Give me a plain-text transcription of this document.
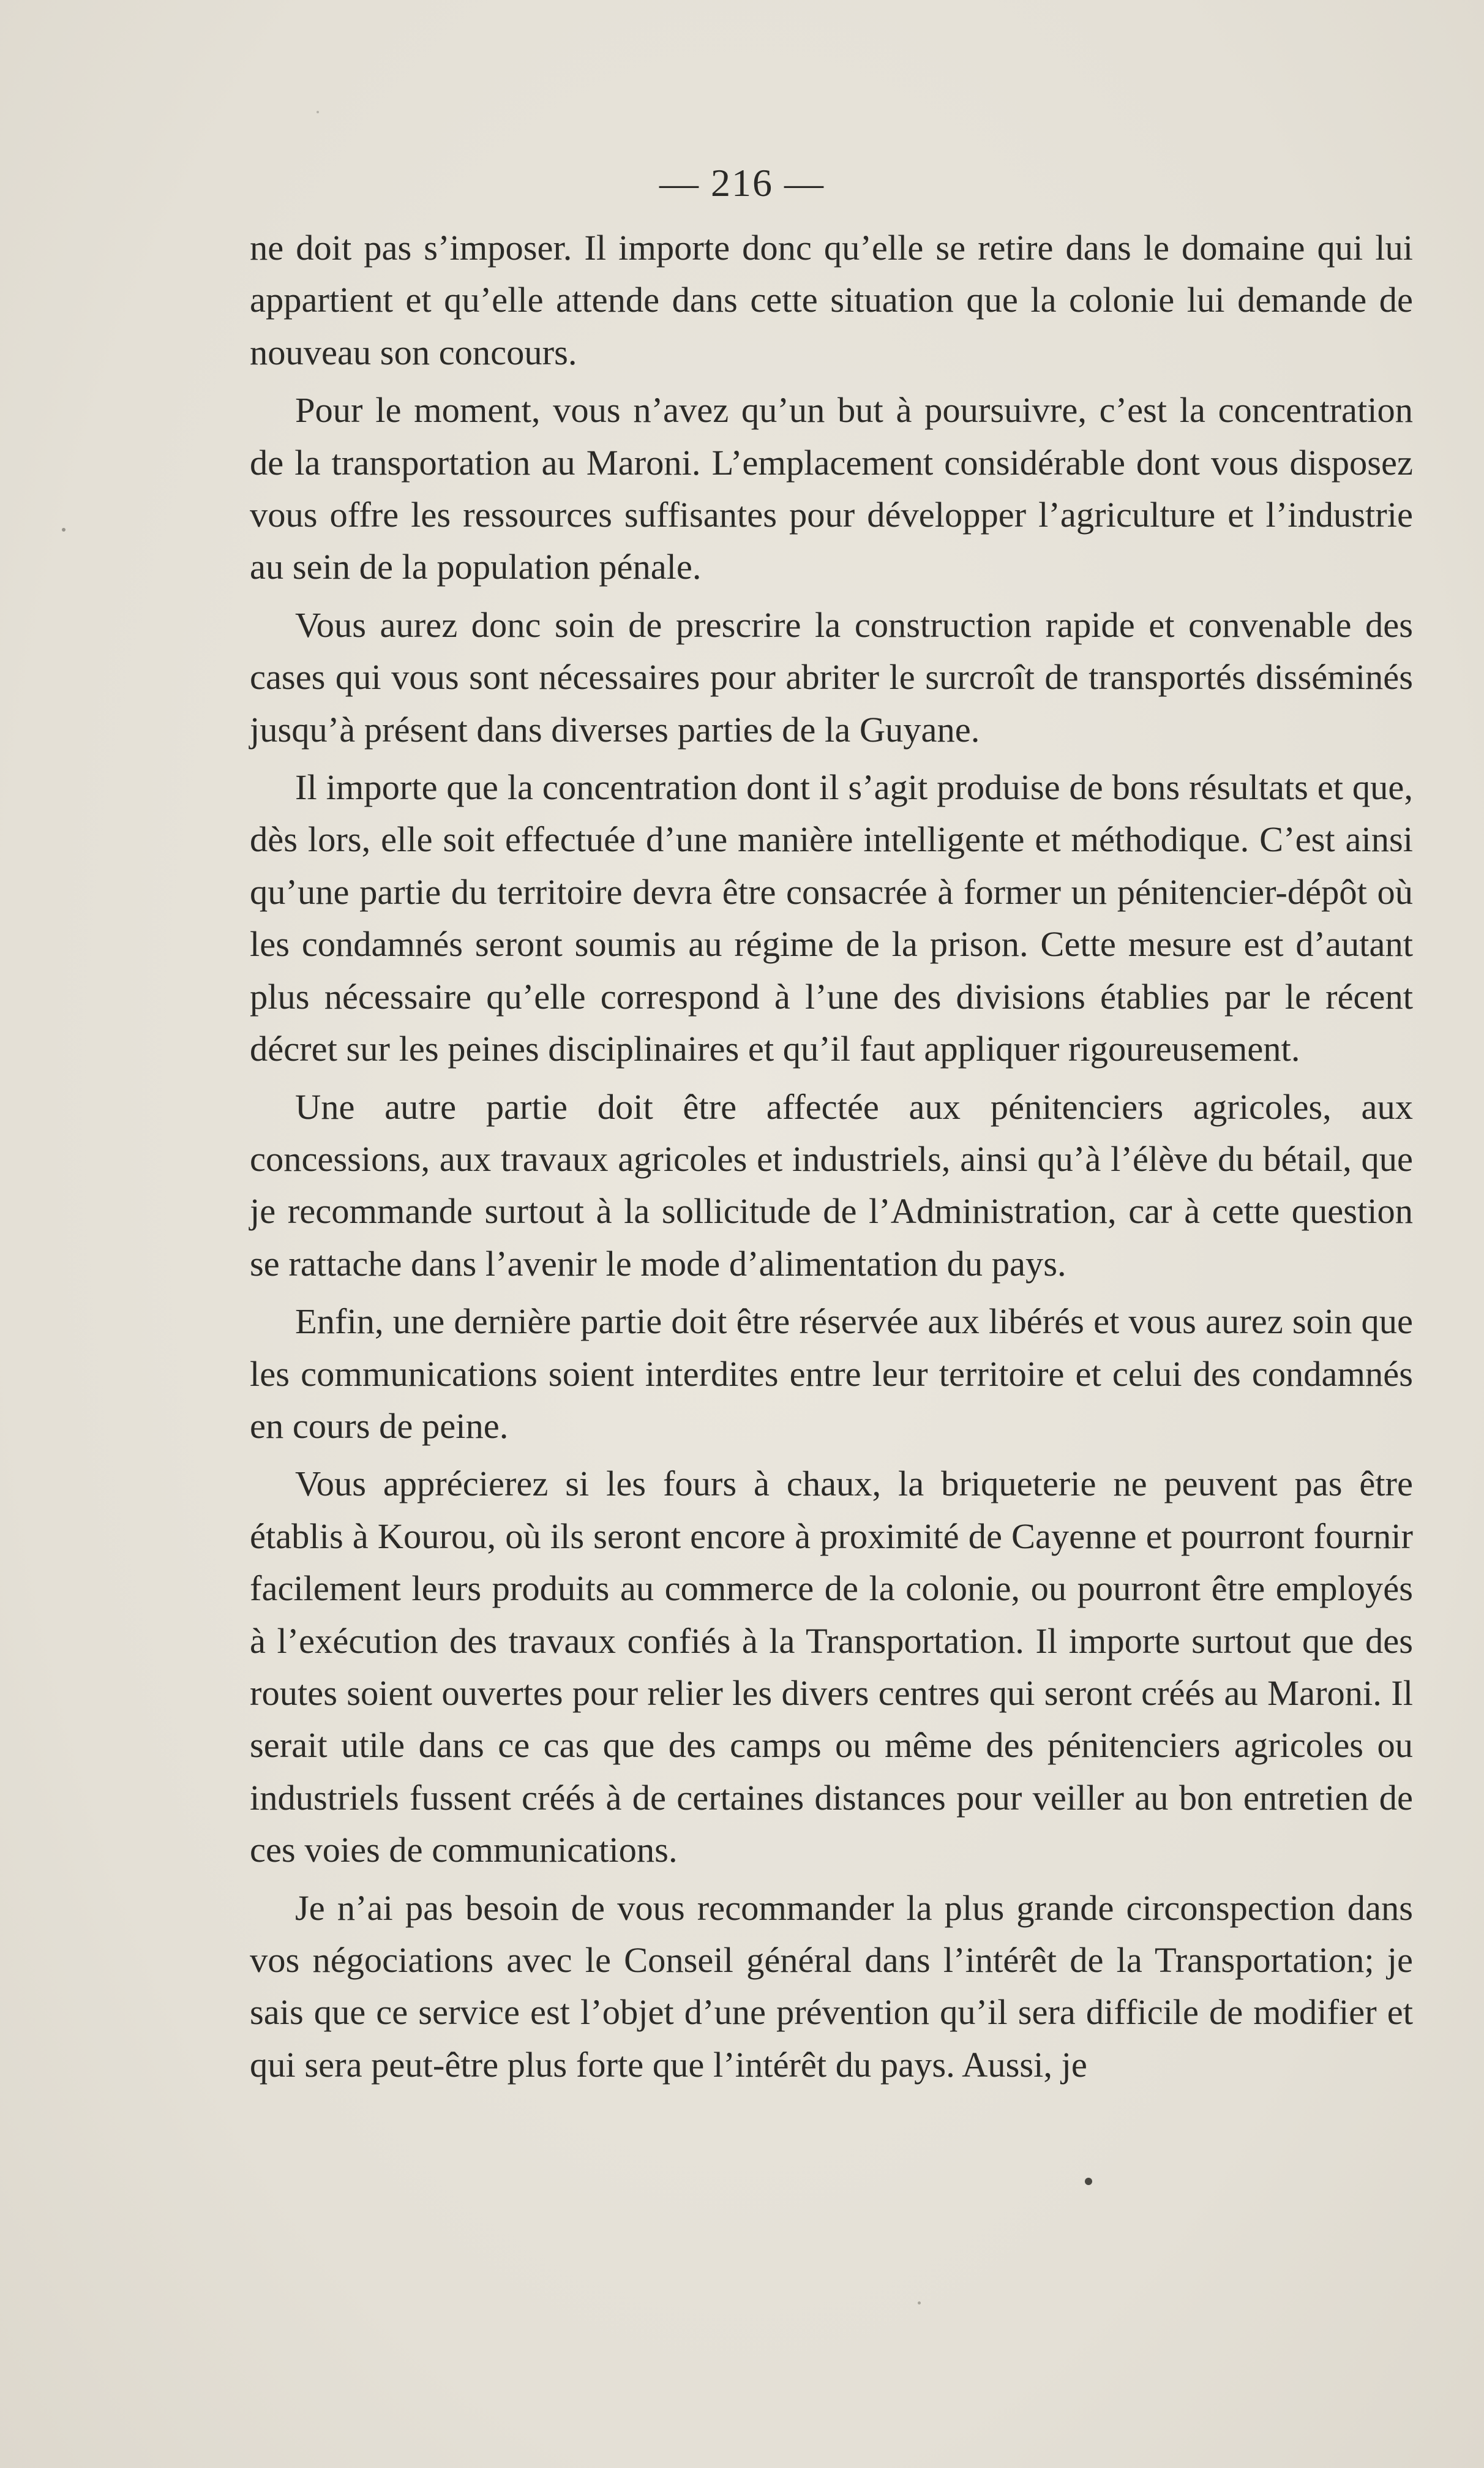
— 216 —

ne doit pas s’imposer. Il importe donc qu’elle se retire dans le domaine qui lui appartient et qu’elle attende dans cette situation que la colonie lui demande de nouveau son concours.

Pour le moment, vous n’avez qu’un but à poursuivre, c’est la concentration de la transportation au Maroni. L’emplacement considérable dont vous disposez vous offre les ressources suffisantes pour développer l’agriculture et l’industrie au sein de la population pénale.

Vous aurez donc soin de prescrire la construction rapide et convenable des cases qui vous sont nécessaires pour abriter le surcroît de transportés disséminés jusqu’à présent dans diverses parties de la Guyane.

Il importe que la concentration dont il s’agit produise de bons résultats et que, dès lors, elle soit effectuée d’une manière intelligente et méthodique. C’est ainsi qu’une partie du territoire devra être consacrée à former un pénitencier-dépôt où les condamnés seront soumis au régime de la prison. Cette mesure est d’autant plus nécessaire qu’elle correspond à l’une des divisions établies par le récent décret sur les peines disciplinaires et qu’il faut appliquer rigoureusement.

Une autre partie doit être affectée aux pénitenciers agricoles, aux concessions, aux travaux agricoles et industriels, ainsi qu’à l’élève du bétail, que je recommande surtout à la sollicitude de l’Administration, car à cette question se rattache dans l’avenir le mode d’alimentation du pays.

Enfin, une dernière partie doit être réservée aux libérés et vous aurez soin que les communications soient interdites entre leur territoire et celui des condamnés en cours de peine.

Vous apprécierez si les fours à chaux, la briqueterie ne peuvent pas être établis à Kourou, où ils seront encore à proximité de Cayenne et pourront fournir facilement leurs produits au commerce de la colonie, ou pourront être employés à l’exécution des travaux confiés à la Transportation. Il importe surtout que des routes soient ouvertes pour relier les divers centres qui seront créés au Maroni. Il serait utile dans ce cas que des camps ou même des pénitenciers agricoles ou industriels fussent créés à de certaines distances pour veiller au bon entretien de ces voies de communications.

Je n’ai pas besoin de vous recommander la plus grande circonspection dans vos négociations avec le Conseil général dans l’intérêt de la Transportation; je sais que ce service est l’objet d’une prévention qu’il sera difficile de modifier et qui sera peut-être plus forte que l’intérêt du pays. Aussi, je
